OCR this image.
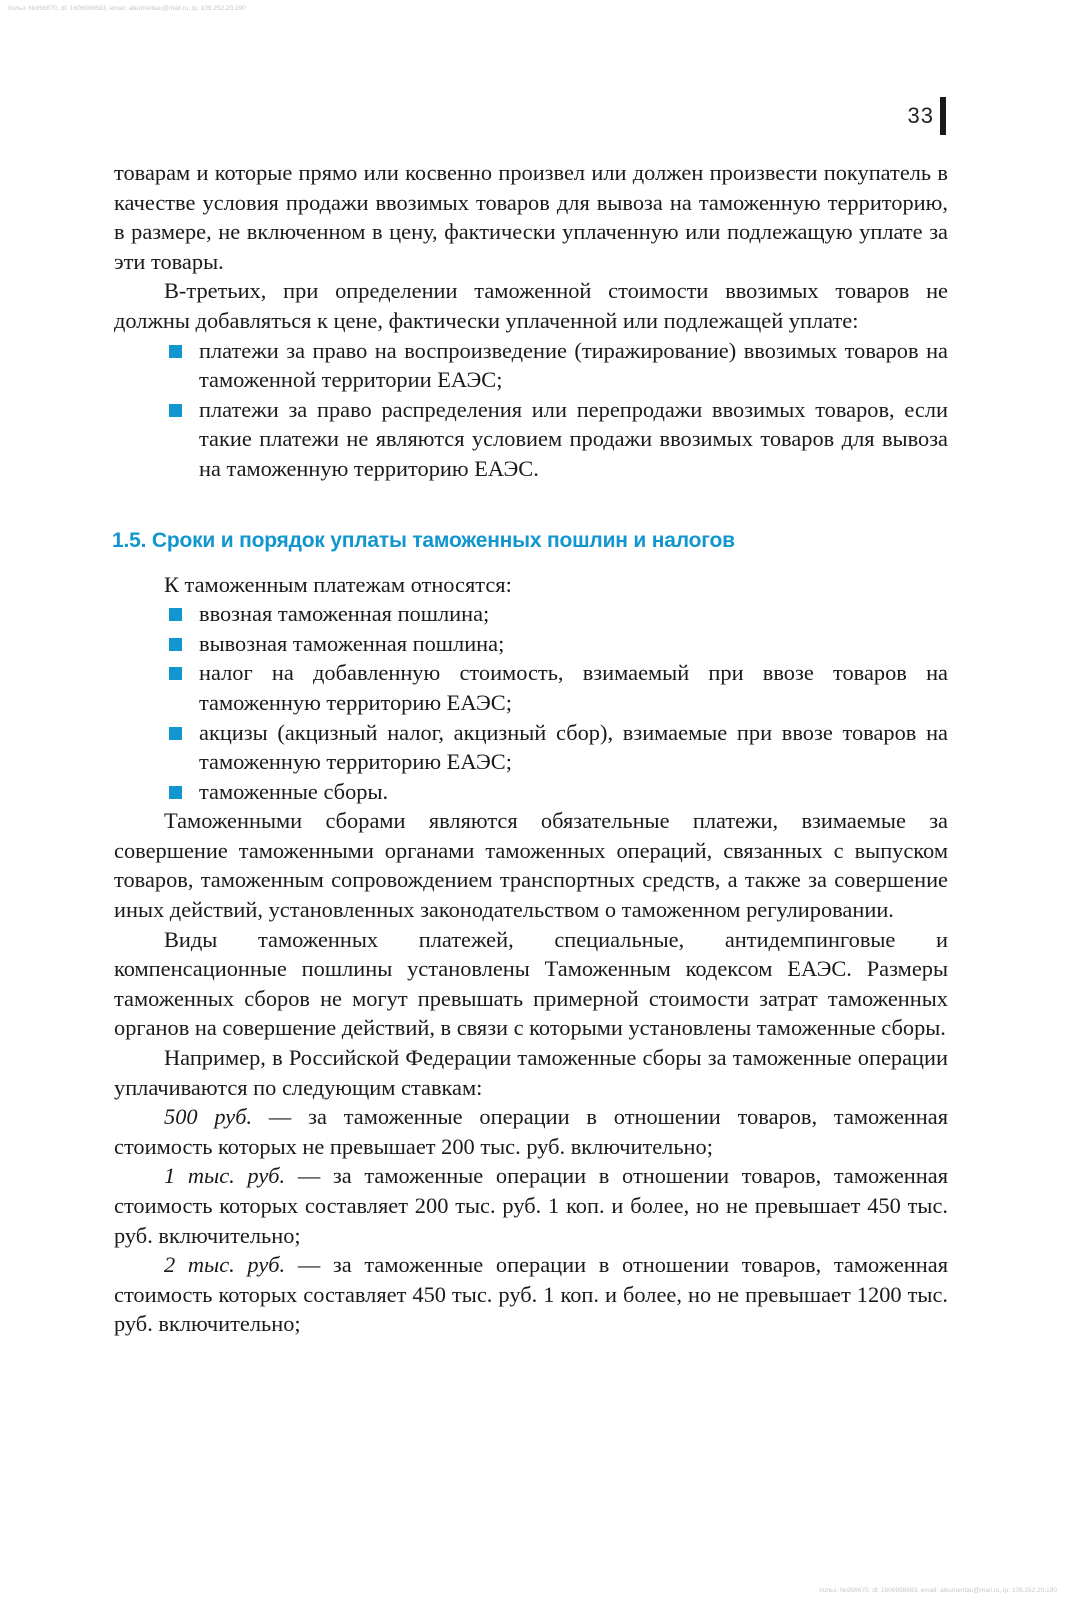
польз. №956670, dl: 1606998683, email: alkumentau@mail.ru, ip: 109.252.20.190
33

товарам и которые прямо или косвенно произвел или должен произвести покупатель в качестве условия продажи ввозимых товаров для вывоза на таможенную территорию, в размере, не включенном в цену, фактически уплаченную или подлежащую уплате за эти товары.

В-третьих, при определении таможенной стоимости ввозимых товаров не должны добавляться к цене, фактически уплаченной или подлежащей уплате:

платежи за право на воспроизведение (тиражирование) ввозимых товаров на таможенной территории ЕАЭС;
платежи за право распределения или перепродажи ввозимых товаров, если такие платежи не являются условием продажи ввозимых товаров для вывоза на таможенную территорию ЕАЭС.
1.5. Сроки и порядок уплаты таможенных пошлин и налогов

К таможенным платежам относятся:

ввозная таможенная пошлина;
вывозная таможенная пошлина;
налог на добавленную стоимость, взимаемый при ввозе товаров на таможенную территорию ЕАЭС;
акцизы (акцизный налог, акцизный сбор), взимаемые при ввозе товаров на таможенную территорию ЕАЭС;
таможенные сборы.

Таможенными сборами являются обязательные платежи, взимаемые за совершение таможенными органами таможенных операций, связанных с выпуском товаров, таможенным сопровождением транспортных средств, а также за совершение иных действий, установленных законодательством о таможенном регулировании.

Виды таможенных платежей, специальные, антидемпинговые и компенсационные пошлины установлены Таможенным кодексом ЕАЭС. Размеры таможенных сборов не могут превышать примерной стоимости затрат таможенных органов на совершение действий, в связи с которыми установлены таможенные сборы.

Например, в Российской Федерации таможенные сборы за таможенные операции уплачиваются по следующим ставкам:

500 руб. — за таможенные операции в отношении товаров, таможенная стоимость которых не превышает 200 тыс. руб. включительно;

1 тыс. руб. — за таможенные операции в отношении товаров, таможенная стоимость которых составляет 200 тыс. руб. 1 коп. и более, но не превышает 450 тыс. руб. включительно;

2 тыс. руб. — за таможенные операции в отношении товаров, таможенная стоимость которых составляет 450 тыс. руб. 1 коп. и более, но не превышает 1200 тыс. руб. включительно;

польз. №956670, dl: 1606998683, email: alkumentau@mail.ru, ip: 109.252.20.190
